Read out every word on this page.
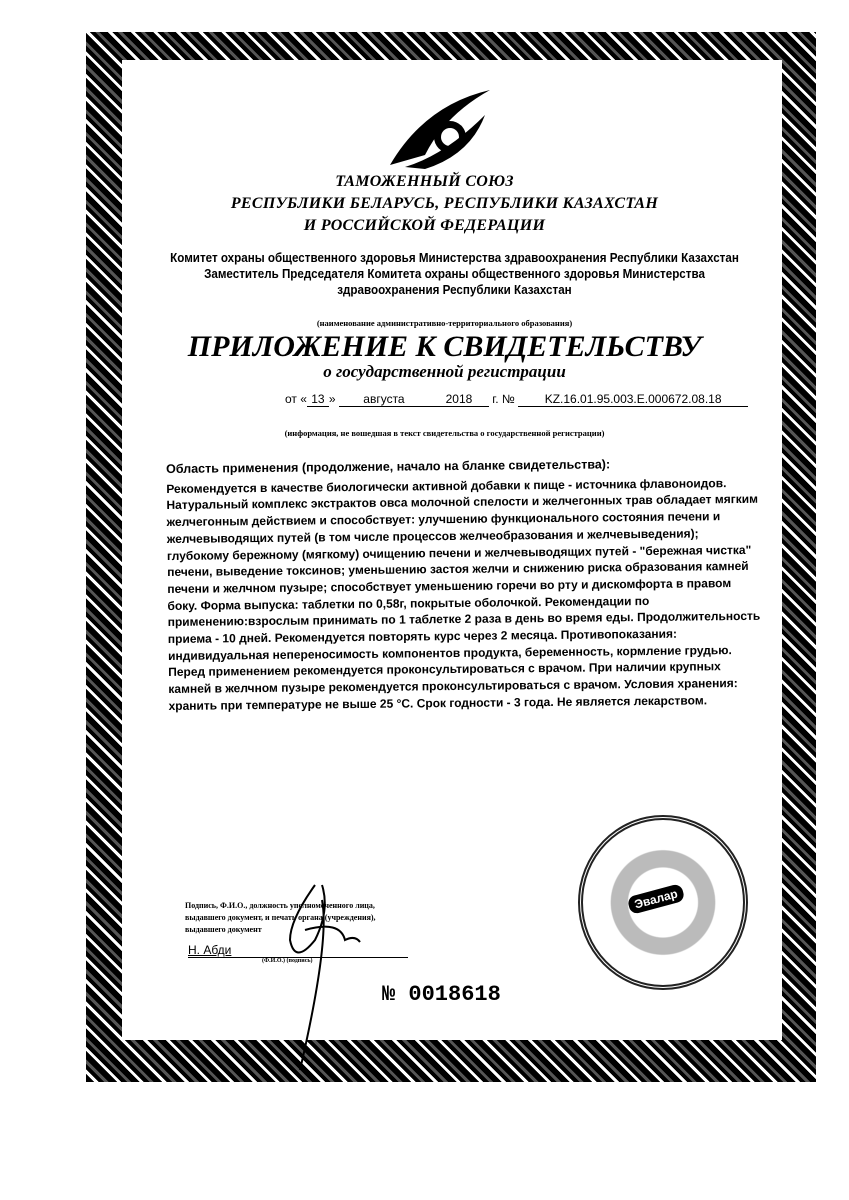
ТАМОЖЕННЫЙ СОЮЗ
РЕСПУБЛИКИ БЕЛАРУСЬ, РЕСПУБЛИКИ КАЗАХСТАН
И РОССИЙСКОЙ ФЕДЕРАЦИИ
Комитет охраны общественного здоровья Министерства здравоохранения Республики Казахстан
Заместитель Председателя Комитета охраны общественного здоровья Министерства
здравоохранения Республики Казахстан
(наименование административно-территориального образования)
ПРИЛОЖЕНИЕ К СВИДЕТЕЛЬСТВУ
о государственной регистрации
от « 13 » августа	2018 г. № KZ.16.01.95.003.E.000672.08.18
(информация, не вошедшая в текст свидетельства о государственной регистрации)

Область применения (продолжение, начало на бланке свидетельства):

Рекомендуется в качестве биологически активной добавки к пище - источника флавоноидов.

Натуральный комплекс экстрактов овса молочной спелости и желчегонных трав обладает мягким

желчегонным действием и способствует: улучшению функционального состояния печени и

желчевыводящих путей (в том числе процессов желчеобразования и желчевыведения);

глубокому бережному (мягкому) очищению печени и желчевыводящих путей - "бережная чистка"

печени, выведение токсинов; уменьшению застоя желчи и снижению риска образования камней

печени и желчном пузыре; способствует уменьшению горечи во рту и дискомфорта в правом

боку. Форма выпуска: таблетки по 0,58г, покрытые оболочкой. Рекомендации по

применению:взрослым принимать по 1 таблетке 2 раза в день во время еды. Продолжительность

приема - 10 дней. Рекомендуется повторять курс через 2 месяца. Противопоказания:

индивидуальная непереносимость компонентов продукта, беременность, кормление грудью.

Перед применением рекомендуется проконсультироваться с врачом. При наличии крупных

камней в желчном пузыре рекомендуется проконсультироваться с врачом. Условия хранения:

хранить при температуре не выше 25 °С. Срок годности - 3 года. Не является лекарством.

Подпись, Ф.И.О., должность уполномоченного лица,
выдавшего документ, и печать органа (учреждения),
выдавшего документ
Н. Абди
(Ф.И.О.) (подпись)
Эвалар
№ 0018618
